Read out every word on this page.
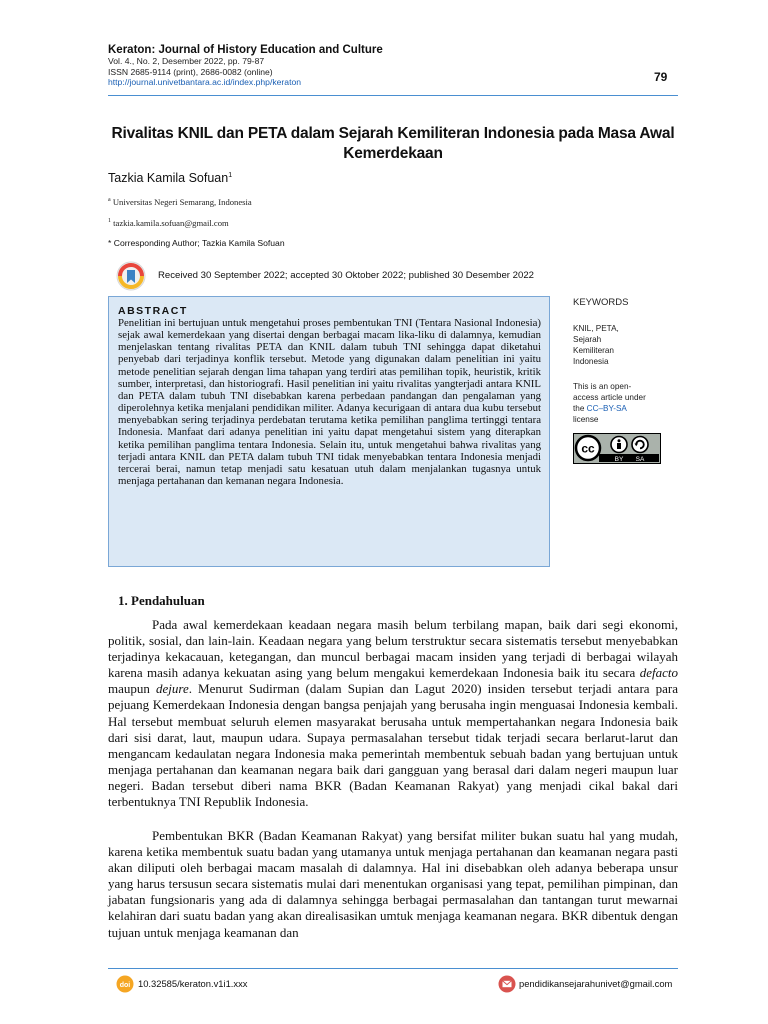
Keraton: Journal of History Education and Culture
Vol. 4., No. 2, Desember 2022, pp. 79-87
ISSN 2685-9114 (print), 2686-0082 (online)
http://journal.univetbantara.ac.id/index.php/keraton	79
Rivalitas KNIL dan PETA dalam Sejarah Kemiliteran Indonesia pada Masa Awal Kemerdekaan
Tazkia Kamila Sofuan$^1$
$^a$ Universitas Negeri Semarang, Indonesia
$^1$ tazkia.kamila.sofuan@gmail.com
* Corresponding Author; Tazkia Kamila Sofuan
Received 30 September 2022; accepted 30 Oktober 2022; published 30 Desember 2022
ABSTRACT
Penelitian ini bertujuan untuk mengetahui proses pembentukan TNI (Tentara Nasional Indonesia) sejak awal kemerdekaan yang disertai dengan berbagai macam lika-liku di dalamnya, kemudian menjelaskan tentang rivalitas PETA dan KNIL dalam tubuh TNI sehingga dapat diketahui penyebab dari terjadinya konflik tersebut. Metode yang digunakan dalam penelitian ini yaitu metode penelitian sejarah dengan lima tahapan yang terdiri atas pemilihan topik, heuristik, kritik sumber, interpretasi, dan historiografi. Hasil penelitian ini yaitu rivalitas yangterjadi antara KNIL dan PETA dalam tubuh TNI disebabkan karena perbedaan pandangan dan pengalaman yang diperolehnya ketika menjalani pendidikan militer. Adanya kecurigaan di antara dua kubu tersebut menyebabkan sering terjadinya perdebatan terutama ketika pemilihan panglima tertinggi tentara Indonesia. Manfaat dari adanya penelitian ini yaitu dapat mengetahui sistem yang diterapkan ketika pemilihan panglima tentara Indonesia. Selain itu, untuk mengetahui bahwa rivalitas yang terjadi antara KNIL dan PETA dalam tubuh TNI tidak menyebabkan tentara Indonesia menjadi tercerai berai, namun tetap menjadi satu kesatuan utuh dalam menjalankan tugasnya untuk menjaga pertahanan dan kemanan negara Indonesia.
KEYWORDS
KNIL, PETA,
Sejarah
Kemiliteran
Indonesia
This is an open-
access article under
the CC–BY-SA
license
cc
BY SA
1. Pendahuluan
Pada awal kemerdekaan keadaan negara masih belum terbilang mapan, baik dari segi ekonomi, politik, sosial, dan lain-lain. Keadaan negara yang belum terstruktur secara sistematis tersebut menyebabkan terjadinya kekacauan, ketegangan, dan muncul berbagai macam insiden yang terjadi di berbagai wilayah karena masih adanya kekuatan asing yang belum mengakui kemerdekaan Indonesia baik itu secara defacto maupun dejure. Menurut Sudirman (dalam Supian dan Lagut 2020) insiden tersebut terjadi antara para pejuang Kemerdekaan Indonesia dengan bangsa penjajah yang berusaha ingin menguasai Indonesia kembali. Hal tersebut membuat seluruh elemen masyarakat berusaha untuk mempertahankan negara Indonesia baik dari sisi darat, laut, maupun udara. Supaya permasalahan tersebut tidak terjadi secara berlarut-larut dan mengancam kedaulatan negara Indonesia maka pemerintah membentuk sebuah badan yang bertujuan untuk menjaga pertahanan dan keamanan negara baik dari gangguan yang berasal dari dalam negeri maupun luar negeri. Badan tersebut diberi nama BKR (Badan Keamanan Rakyat) yang menjadi cikal bakal dari terbentuknya TNI Republik Indonesia.
Pembentukan BKR (Badan Keamanan Rakyat) yang bersifat militer bukan suatu hal yang mudah, karena ketika membentuk suatu badan yang utamanya untuk menjaga pertahanan dan keamanan negara pasti akan diliputi oleh berbagai macam masalah di dalamnya. Hal ini disebabkan oleh adanya beberapa unsur yang harus tersusun secara sistematis mulai dari menentukan organisasi yang tepat, pemilihan pimpinan, dan jabatan fungsionaris yang ada di dalamnya sehingga berbagai permasalahan dan tantangan turut mewarnai kelahiran dari suatu badan yang akan direalisasikan umtuk menjaga keamanan negara. BKR dibentuk dengan tujuan untuk menjaga keamanan dan
doi 10.32585/keraton.v1i1.xxx	pendidikansejarahunivet@gmail.com
